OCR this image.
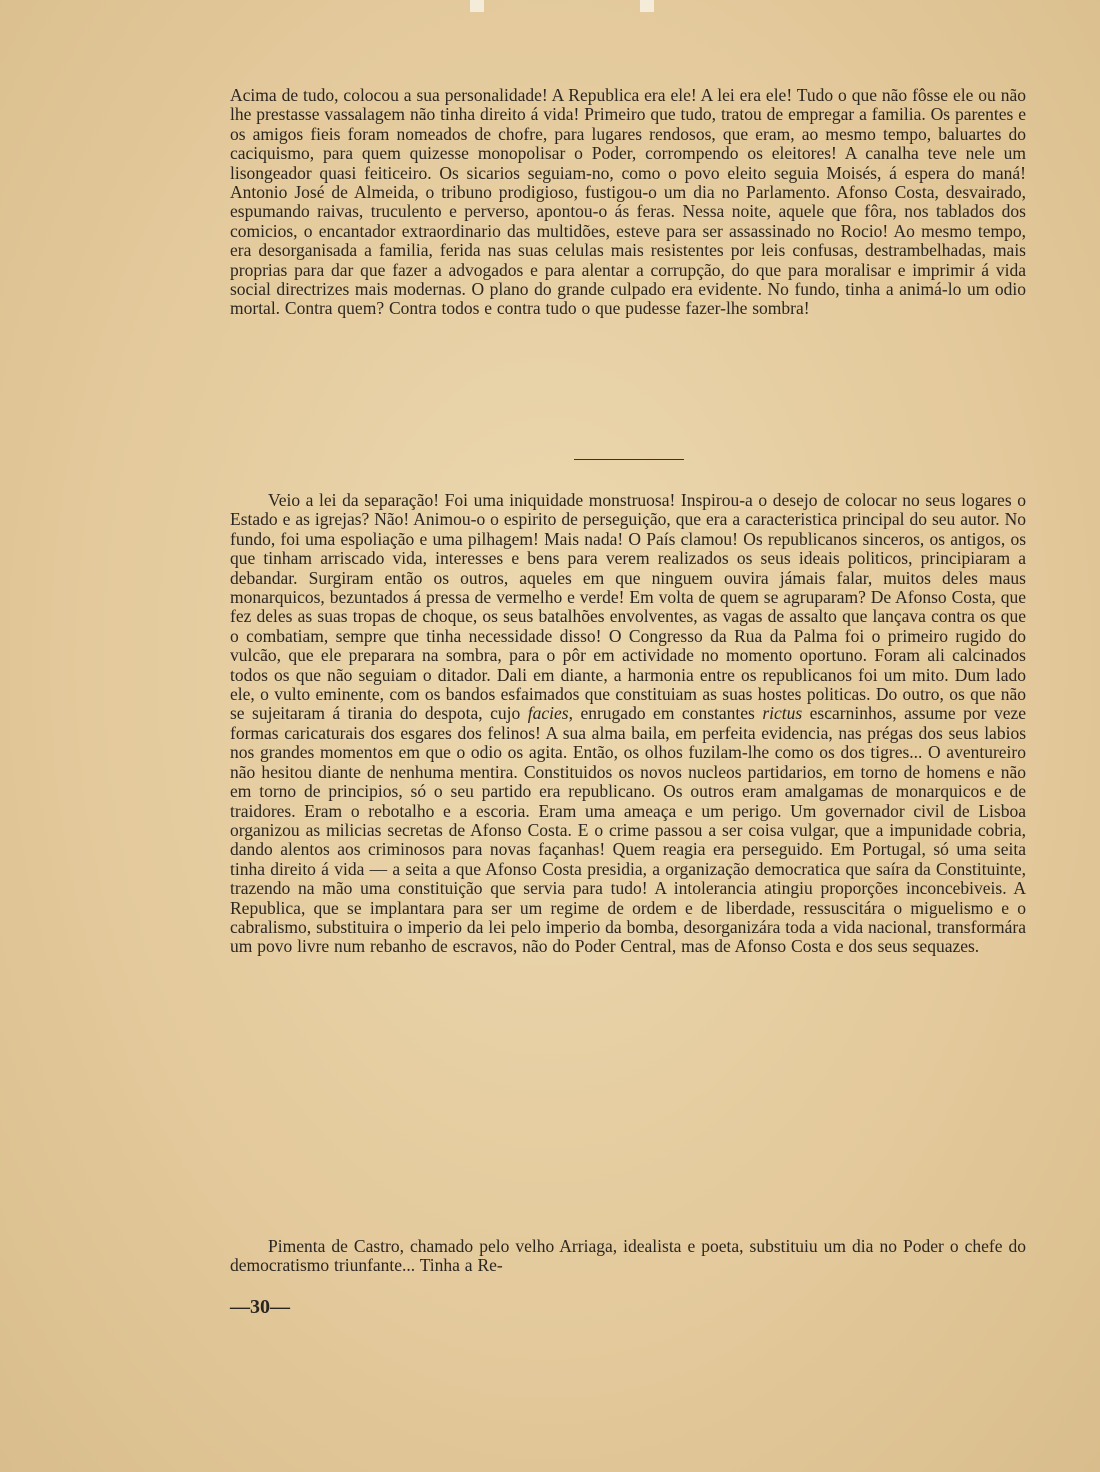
Acima de tudo, colocou a sua personalidade! A Republica era ele! A lei era ele! Tudo o que não fôsse ele ou não lhe prestasse vassalagem não tinha direito á vida! Primeiro que tudo, tratou de empregar a familia. Os parentes e os amigos fieis foram nomeados de chofre, para lugares rendosos, que eram, ao mesmo tempo, baluartes do caciquismo, para quem quizesse monopolisar o Poder, corrompendo os eleitores! A canalha teve nele um lisongeador quasi feiticeiro. Os sicarios seguiam-no, como o povo eleito seguia Moisés, á espera do maná! Antonio José de Almeida, o tribuno prodigioso, fustigou-o um dia no Parlamento. Afonso Costa, desvairado, espumando raivas, truculento e perverso, apontou-o ás feras. Nessa noite, aquele que fôra, nos tablados dos comicios, o encantador extraordinario das multidões, esteve para ser assassinado no Rocio! Ao mesmo tempo, era desorganisada a familia, ferida nas suas celulas mais resistentes por leis confusas, destrambelhadas, mais proprias para dar que fazer a advogados e para alentar a corrupção, do que para moralisar e imprimir á vida social directrizes mais modernas. O plano do grande culpado era evidente. No fundo, tinha a animá-lo um odio mortal. Contra quem? Contra todos e contra tudo o que pudesse fazer-lhe sombra!

Veio a lei da separação! Foi uma iniquidade monstruosa! Inspirou-a o desejo de colocar no seus logares o Estado e as igrejas? Não! Animou-o o espirito de perseguição, que era a caracteristica principal do seu autor. No fundo, foi uma espoliação e uma pilhagem! Mais nada! O País clamou! Os republicanos sinceros, os antigos, os que tinham arriscado vida, interesses e bens para verem realizados os seus ideais politicos, principiaram a debandar. Surgiram então os outros, aqueles em que ninguem ouvira jámais falar, muitos deles maus monarquicos, bezuntados á pressa de vermelho e verde! Em volta de quem se agruparam? De Afonso Costa, que fez deles as suas tropas de choque, os seus batalhões envolventes, as vagas de assalto que lançava contra os que o combatiam, sempre que tinha necessidade disso! O Congresso da Rua da Palma foi o primeiro rugido do vulcão, que ele preparara na sombra, para o pôr em actividade no momento oportuno. Foram ali calcinados todos os que não seguiam o ditador. Dali em diante, a harmonia entre os republicanos foi um mito. Dum lado ele, o vulto eminente, com os bandos esfaimados que constituiam as suas hostes politicas. Do outro, os que não se sujeitaram á tirania do despota, cujo facies, enrugado em constantes rictus escarninhos, assume por veze formas caricaturais dos esgares dos felinos! A sua alma baila, em perfeita evidencia, nas prégas dos seus labios nos grandes momentos em que o odio os agita. Então, os olhos fuzilam-lhe como os dos tigres... O aventureiro não hesitou diante de nenhuma mentira. Constituidos os novos nucleos partidarios, em torno de homens e não em torno de principios, só o seu partido era republicano. Os outros eram amalgamas de monarquicos e de traidores. Eram o rebotalho e a escoria. Eram uma ameaça e um perigo. Um governador civil de Lisboa organizou as milicias secretas de Afonso Costa. E o crime passou a ser coisa vulgar, que a impunidade cobria, dando alentos aos criminosos para novas façanhas! Quem reagia era perseguido. Em Portugal, só uma seita tinha direito á vida — a seita a que Afonso Costa presidia, a organização democratica que saíra da Constituinte, trazendo na mão uma constituição que servia para tudo! A intolerancia atingiu proporções inconcebiveis. A Republica, que se implantara para ser um regime de ordem e de liberdade, ressuscitára o miguelismo e o cabralismo, substituira o imperio da lei pelo imperio da bomba, desorganizára toda a vida nacional, transformára um povo livre num rebanho de escravos, não do Poder Central, mas de Afonso Costa e dos seus sequazes.

Pimenta de Castro, chamado pelo velho Arriaga, idealista e poeta, substituiu um dia no Poder o chefe do democratismo triunfante... Tinha a Re-

—30—
